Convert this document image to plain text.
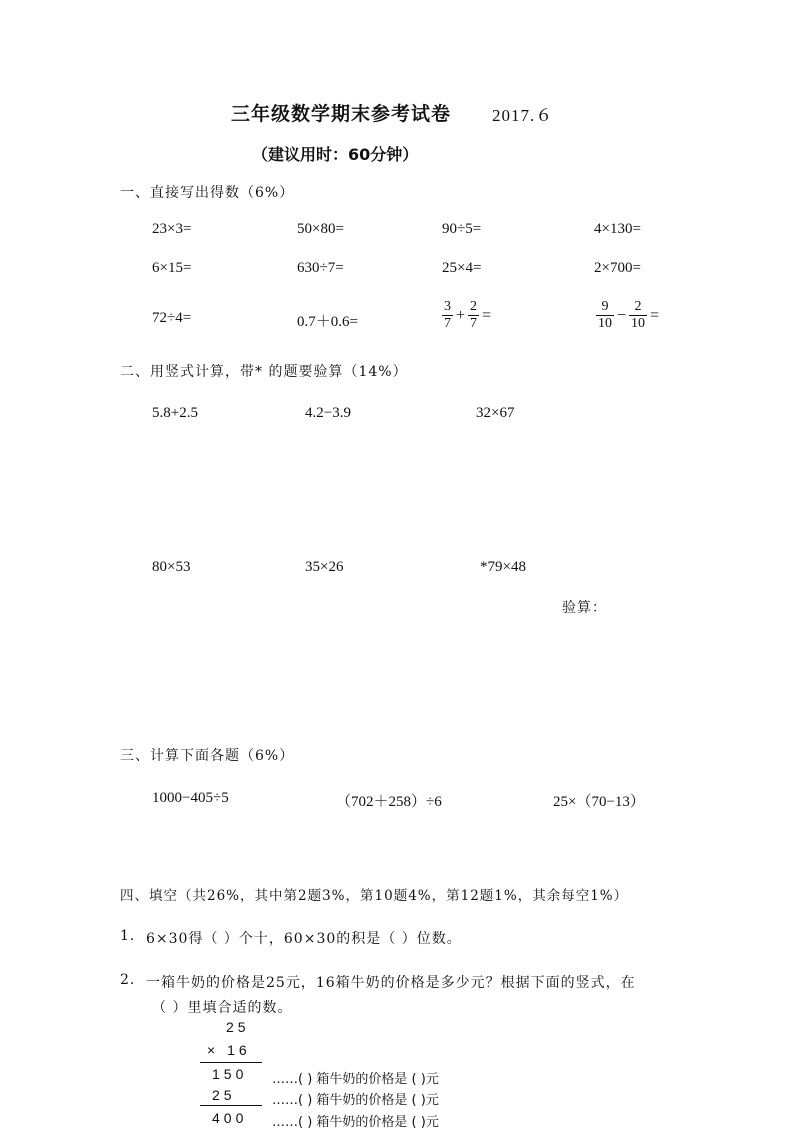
三年级数学期末参考试卷 2017.６
（建议用时：60分钟）
一、直接写出得数（6%）
23×3=	50×80=	90÷5=	4×130=
6×15=	630÷7=	25×4=	2×700=
72÷4=	0.7＋0.6=	$\frac{3}{7} + \frac{2}{7}$ =	$\frac{9}{10} - \frac{2}{10}$ =
二、用竖式计算，带* 的题要验算（14%）
5.8+2.5	4.2−3.9	32×67
80×53	35×26	*79×48
验算：
三、计算下面各题（6%）
1000−405÷5	（702＋258）÷6	25×（70−13）
四、填空（共26%，其中第2题3%，第10题4%，第12题1%，其余每空1%）
1. 6×30得（ ）个十，60×30的积是（ ）位数。
2. 一箱牛奶的价格是25元，16箱牛奶的价格是多少元？根据下面的竖式，在
（ ）里填合适的数。
25
× 16
150
25
400
……( ) 箱牛奶的价格是 ( )元
……( ) 箱牛奶的价格是 ( )元
……( ) 箱牛奶的价格是 ( )元
